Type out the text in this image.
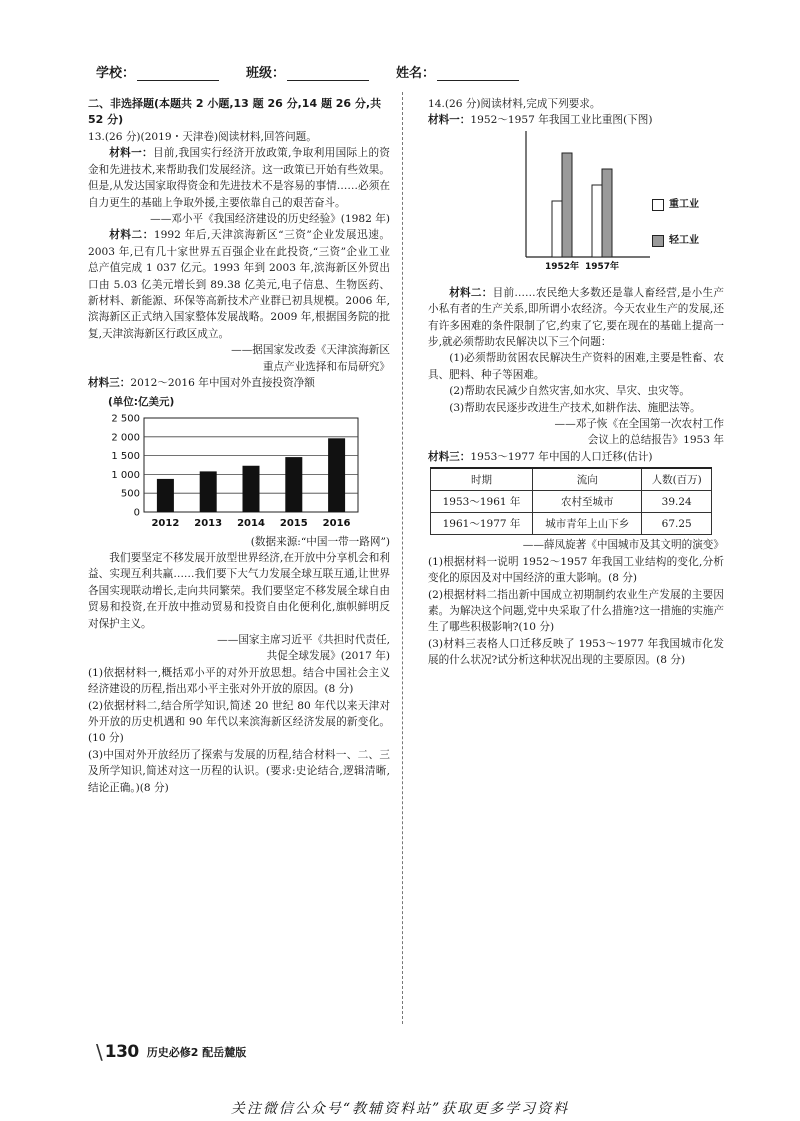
学校：	班级：	姓名：
二、非选择题(本题共 2 小题,13 题 26 分,14 题 26 分,共 52 分)

13.(26 分)(2019・天津卷)阅读材料,回答问题。

材料一：目前,我国实行经济开放政策,争取利用国际上的资金和先进技术,来帮助我们发展经济。这一政策已开始有些效果。但是,从发达国家取得资金和先进技术不是容易的事情……必须在自力更生的基础上争取外援,主要依靠自己的艰苦奋斗。

——邓小平《我国经济建设的历史经验》(1982 年)

材料二：1992 年后,天津滨海新区“三资”企业发展迅速。2003 年,已有几十家世界五百强企业在此投资,“三资”企业工业总产值完成 1 037 亿元。1993 年到 2003 年,滨海新区外贸出口由 5.03 亿美元增长到 89.38 亿美元,电子信息、生物医药、新材料、新能源、环保等高新技术产业群已初具规模。2006 年,滨海新区正式纳入国家整体发展战略。2009 年,根据国务院的批复,天津滨海新区行政区成立。

——据国家发改委《天津滨海新区

重点产业选择和布局研究》

材料三：2012～2016 年中国对外直接投资净额

(单位:亿美元)
0
500
1 000
1 500
2 000
2 500
2012 2013 2014 2015 2016

(数据来源:“中国一带一路网”)

我们要坚定不移发展开放型世界经济,在开放中分享机会和利益、实现互利共赢……我们要下大气力发展全球互联互通,让世界各国实现联动增长,走向共同繁荣。我们要坚定不移发展全球自由贸易和投资,在开放中推动贸易和投资自由化便利化,旗帜鲜明反对保护主义。

——国家主席习近平《共担时代责任,

共促全球发展》(2017 年)

(1)依据材料一,概括邓小平的对外开放思想。结合中国社会主义经济建设的历程,指出邓小平主张对外开放的原因。(8 分)

(2)依据材料二,结合所学知识,简述 20 世纪 80 年代以来天津对外开放的历史机遇和 90 年代以来滨海新区经济发展的新变化。(10 分)

(3)中国对外开放经历了探索与发展的历程,结合材料一、二、三及所学知识,简述对这一历程的认识。(要求:史论结合,逻辑清晰,结论正确。)(8 分)

14.(26 分)阅读材料,完成下列要求。

材料一：1952～1957 年我国工业比重图(下图)

1952年 1957年
重工业
轻工业

材料二：目前……农民绝大多数还是靠人畜经营,是小生产小私有者的生产关系,即所谓小农经济。今天农业生产的发展,还有许多困难的条件限制了它,约束了它,要在现在的基础上提高一步,就必须帮助农民解决以下三个问题：

(1)必须帮助贫困农民解决生产资料的困难,主要是牲畜、农具、肥料、种子等困难。

(2)帮助农民减少自然灾害,如水灾、旱灾、虫灾等。

(3)帮助农民逐步改进生产技术,如耕作法、施肥法等。

——邓子恢《在全国第一次农村工作

会议上的总结报告》1953 年

材料三：1953～1977 年中国的人口迁移(估计)

时期	流向	人数(百万)
1953～1961 年	农村至城市	39.24
1961～1977 年	城市青年上山下乡	67.25

——薛凤旋著《中国城市及其文明的演变》

(1)根据材料一说明 1952～1957 年我国工业结构的变化,分析变化的原因及对中国经济的重大影响。(8 分)

(2)根据材料二指出新中国成立初期制约农业生产发展的主要因素。为解决这个问题,党中央采取了什么措施?这一措施的实施产生了哪些积极影响?(10 分)

(3)材料三表格人口迁移反映了 1953～1977 年我国城市化发展的什么状况?试分析这种状况出现的主要原因。(8 分)

\ 130 历史必修2 配岳麓版
关注微信公众号“教辅资料站”获取更多学习资料
